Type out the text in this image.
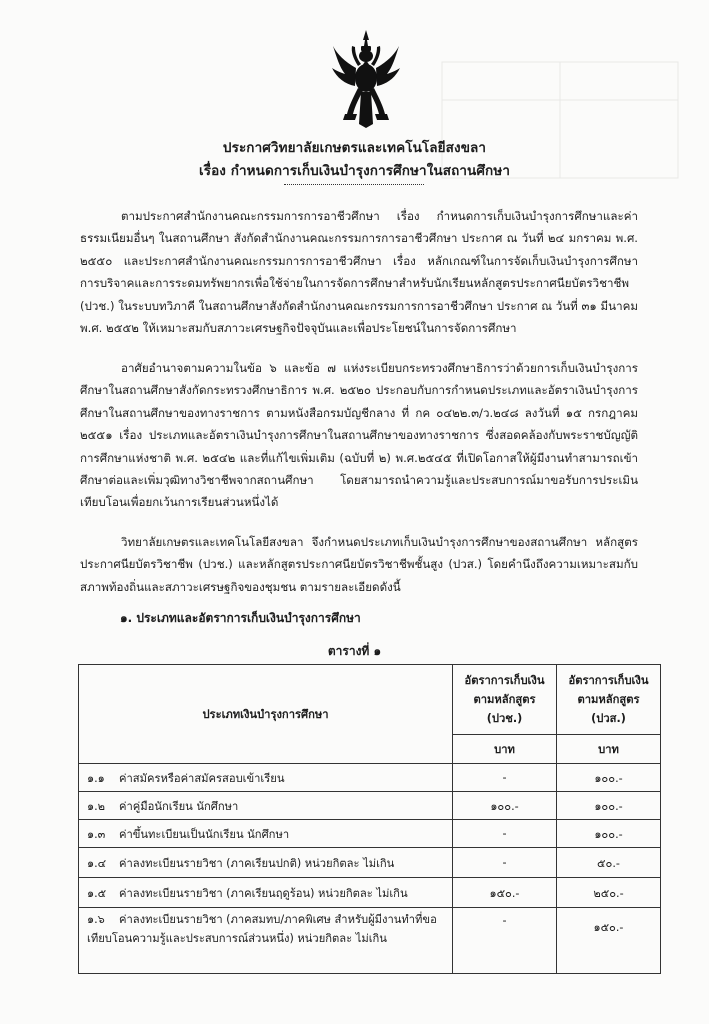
ประกาศวิทยาลัยเกษตรและเทคโนโลยีสงขลา
เรื่อง กำหนดการเก็บเงินบำรุงการศึกษาในสถานศึกษา
ตามประกาศสำนักงานคณะกรรมการการอาชีวศึกษา เรื่อง กำหนดการเก็บเงินบำรุงการศึกษาและค่าธรรมเนียมอื่นๆ ในสถานศึกษา สังกัดสำนักงานคณะกรรมการการอาชีวศึกษา ประกาศ ณ วันที่ ๒๔ มกราคม พ.ศ. ๒๕๕๐ และประกาศสำนักงานคณะกรรมการการอาชีวศึกษา เรื่อง หลักเกณฑ์ในการจัดเก็บเงินบำรุงการศึกษา การบริจาคและการระดมทรัพยากรเพื่อใช้จ่ายในการจัดการศึกษาสำหรับนักเรียนหลักสูตรประกาศนียบัตรวิชาชีพ (ปวช.) ในระบบทวิภาคี ในสถานศึกษาสังกัดสำนักงานคณะกรรมการการอาชีวศึกษา ประกาศ ณ วันที่ ๓๑ มีนาคม พ.ศ. ๒๕๕๒ ให้เหมาะสมกับสภาวะเศรษฐกิจปัจจุบันและเพื่อประโยชน์ในการจัดการศึกษา
อาศัยอำนาจตามความในข้อ ๖ และข้อ ๗ แห่งระเบียบกระทรวงศึกษาธิการว่าด้วยการเก็บเงินบำรุงการศึกษาในสถานศึกษาสังกัดกระทรวงศึกษาธิการ พ.ศ. ๒๕๒๐ ประกอบกับการกำหนดประเภทและอัตราเงินบำรุงการศึกษาในสถานศึกษาของทางราชการ ตามหนังสือกรมบัญชีกลาง ที่ กค ๐๔๒๒.๓/ว.๒๔๘ ลงวันที่ ๑๕ กรกฎาคม ๒๕๕๑ เรื่อง ประเภทและอัตราเงินบำรุงการศึกษาในสถานศึกษาของทางราชการ ซึ่งสอดคล้องกับพระราชบัญญัติการศึกษาแห่งชาติ พ.ศ. ๒๕๔๒ และที่แก้ไขเพิ่มเติม (ฉบับที่ ๒) พ.ศ.๒๕๔๕ ที่เปิดโอกาสให้ผู้มีงานทำสามารถเข้าศึกษาต่อและเพิ่มวุฒิทางวิชาชีพจากสถานศึกษา โดยสามารถนำความรู้และประสบการณ์มาขอรับการประเมินเทียบโอนเพื่อยกเว้นการเรียนส่วนหนึ่งได้
วิทยาลัยเกษตรและเทคโนโลยีสงขลา จึงกำหนดประเภทเก็บเงินบำรุงการศึกษาของสถานศึกษา หลักสูตรประกาศนียบัตรวิชาชีพ (ปวช.) และหลักสูตรประกาศนียบัตรวิชาชีพชั้นสูง (ปวส.) โดยคำนึงถึงความเหมาะสมกับสภาพท้องถิ่นและสภาวะเศรษฐกิจของชุมชน ตามรายละเอียดดังนี้
๑. ประเภทและอัตราการเก็บเงินบำรุงการศึกษา
ตารางที่ ๑
ประเภทเงินบำรุงการศึกษา	อัตราการเก็บเงินตามหลักสูตร (ปวช.)	อัตราการเก็บเงินตามหลักสูตร (ปวส.)
	บาท	บาท
๑.๑ ค่าสมัครหรือค่าสมัครสอบเข้าเรียน	-	๑๐๐.-
๑.๒ ค่าคู่มือนักเรียน นักศึกษา	๑๐๐.-	๑๐๐.-
๑.๓ ค่าขึ้นทะเบียนเป็นนักเรียน นักศึกษา	-	๑๐๐.-
๑.๔ ค่าลงทะเบียนรายวิชา (ภาคเรียนปกติ) หน่วยกิตละ ไม่เกิน	-	๕๐.-
๑.๕ ค่าลงทะเบียนรายวิชา (ภาคเรียนฤดูร้อน) หน่วยกิตละ ไม่เกิน	๑๕๐.-	๒๕๐.-
๑.๖ ค่าลงทะเบียนรายวิชา (ภาคสมทบ/ภาคพิเศษ สำหรับผู้มีงานทำที่ขอเทียบโอนความรู้และประสบการณ์ส่วนหนึ่ง) หน่วยกิตละ ไม่เกิน	-	๑๕๐.-
